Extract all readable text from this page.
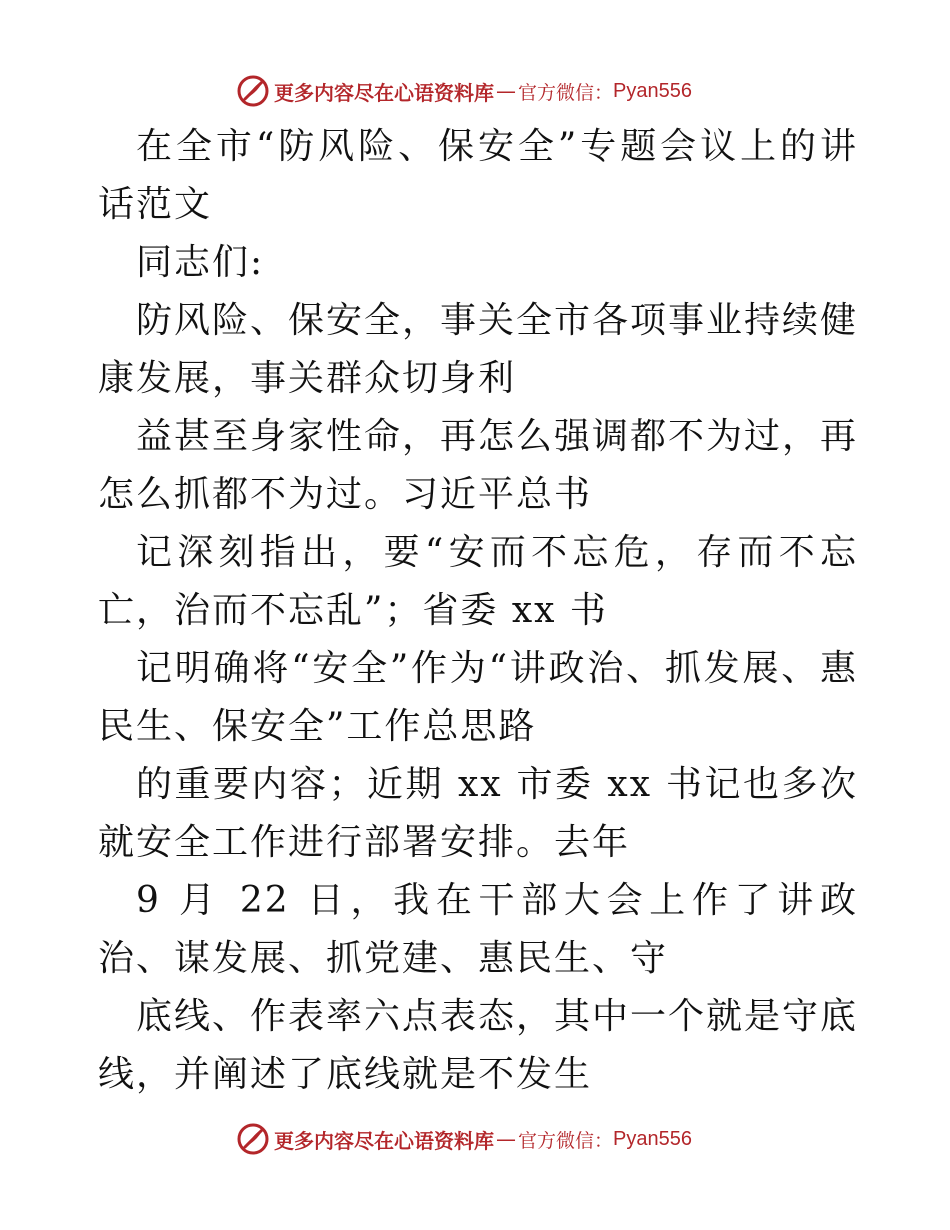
更多内容尽在心语资料库 — 官方微信： Pyan556

在全市“防风险、保安全”专题会议上的讲话范文

同志们:

防风险、保安全，事关全市各项事业持续健康发展，事关群众切身利

益甚至身家性命，再怎么强调都不为过，再怎么抓都不为过。习近平总书

记深刻指出，要“安而不忘危，存而不忘亡，治而不忘乱”；省委 xx 书

记明确将“安全”作为“讲政治、抓发展、惠民生、保安全”工作总思路

的重要内容；近期 xx 市委 xx 书记也多次就安全工作进行部署安排。去年

9 月 22 日，我在干部大会上作了讲政治、谋发展、抓党建、惠民生、守

底线、作表率六点表态，其中一个就是守底线，并阐述了底线就是不发生

更多内容尽在心语资料库 — 官方微信： Pyan556
